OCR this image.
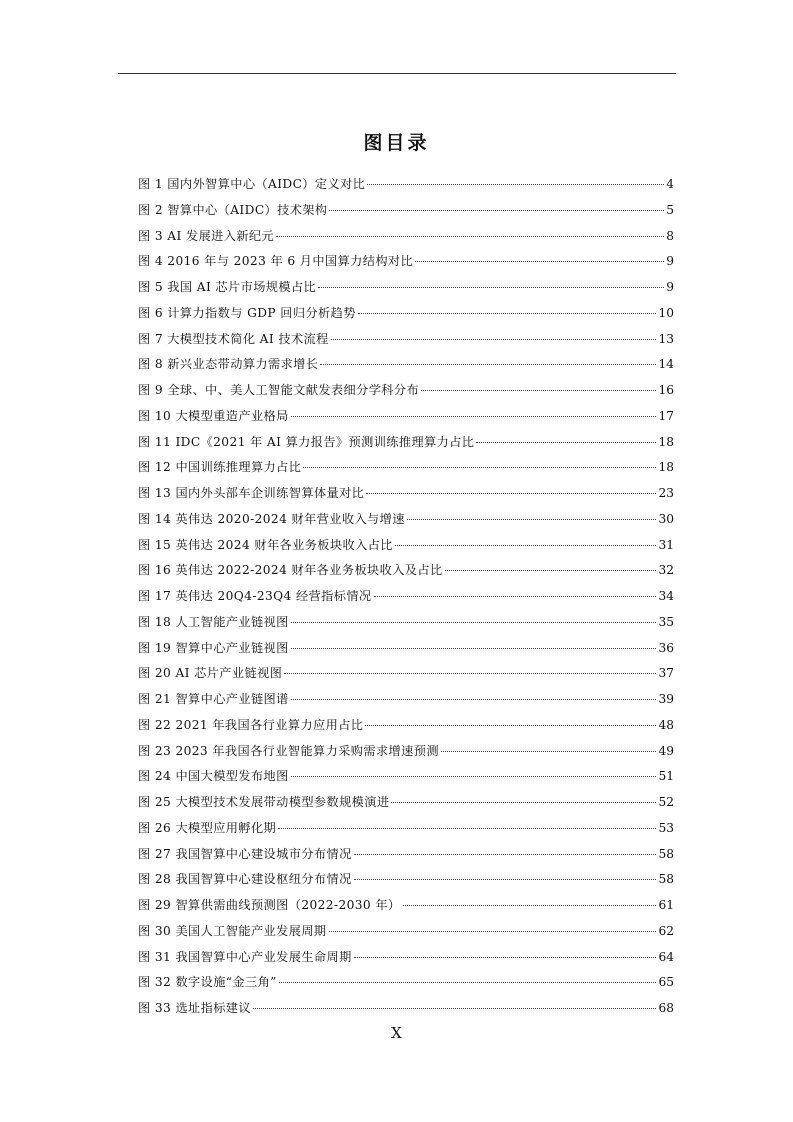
图目录
图 1 国内外智算中心（AIDC）定义对比	4
图 2 智算中心（AIDC）技术架构	5
图 3 AI 发展进入新纪元	8
图 4 2016 年与 2023 年 6 月中国算力结构对比	9
图 5 我国 AI 芯片市场规模占比	9
图 6 计算力指数与 GDP 回归分析趋势	10
图 7 大模型技术简化 AI 技术流程	13
图 8 新兴业态带动算力需求增长	14
图 9 全球、中、美人工智能文献发表细分学科分布	16
图 10 大模型重造产业格局	17
图 11 IDC《2021 年 AI 算力报告》预测训练推理算力占比	18
图 12 中国训练推理算力占比	18
图 13 国内外头部车企训练智算体量对比	23
图 14 英伟达 2020-2024 财年营业收入与增速	30
图 15 英伟达 2024 财年各业务板块收入占比	31
图 16 英伟达 2022-2024 财年各业务板块收入及占比	32
图 17 英伟达 20Q4-23Q4 经营指标情况	34
图 18 人工智能产业链视图	35
图 19 智算中心产业链视图	36
图 20 AI 芯片产业链视图	37
图 21 智算中心产业链图谱	39
图 22 2021 年我国各行业算力应用占比	48
图 23 2023 年我国各行业智能算力采购需求增速预测	49
图 24 中国大模型发布地图	51
图 25 大模型技术发展带动模型参数规模演进	52
图 26 大模型应用孵化期	53
图 27 我国智算中心建设城市分布情况	58
图 28 我国智算中心建设枢纽分布情况	58
图 29 智算供需曲线预测图（2022-2030 年）	61
图 30 美国人工智能产业发展周期	62
图 31 我国智算中心产业发展生命周期	64
图 32 数字设施“金三角”	65
图 33 选址指标建议	68
X
